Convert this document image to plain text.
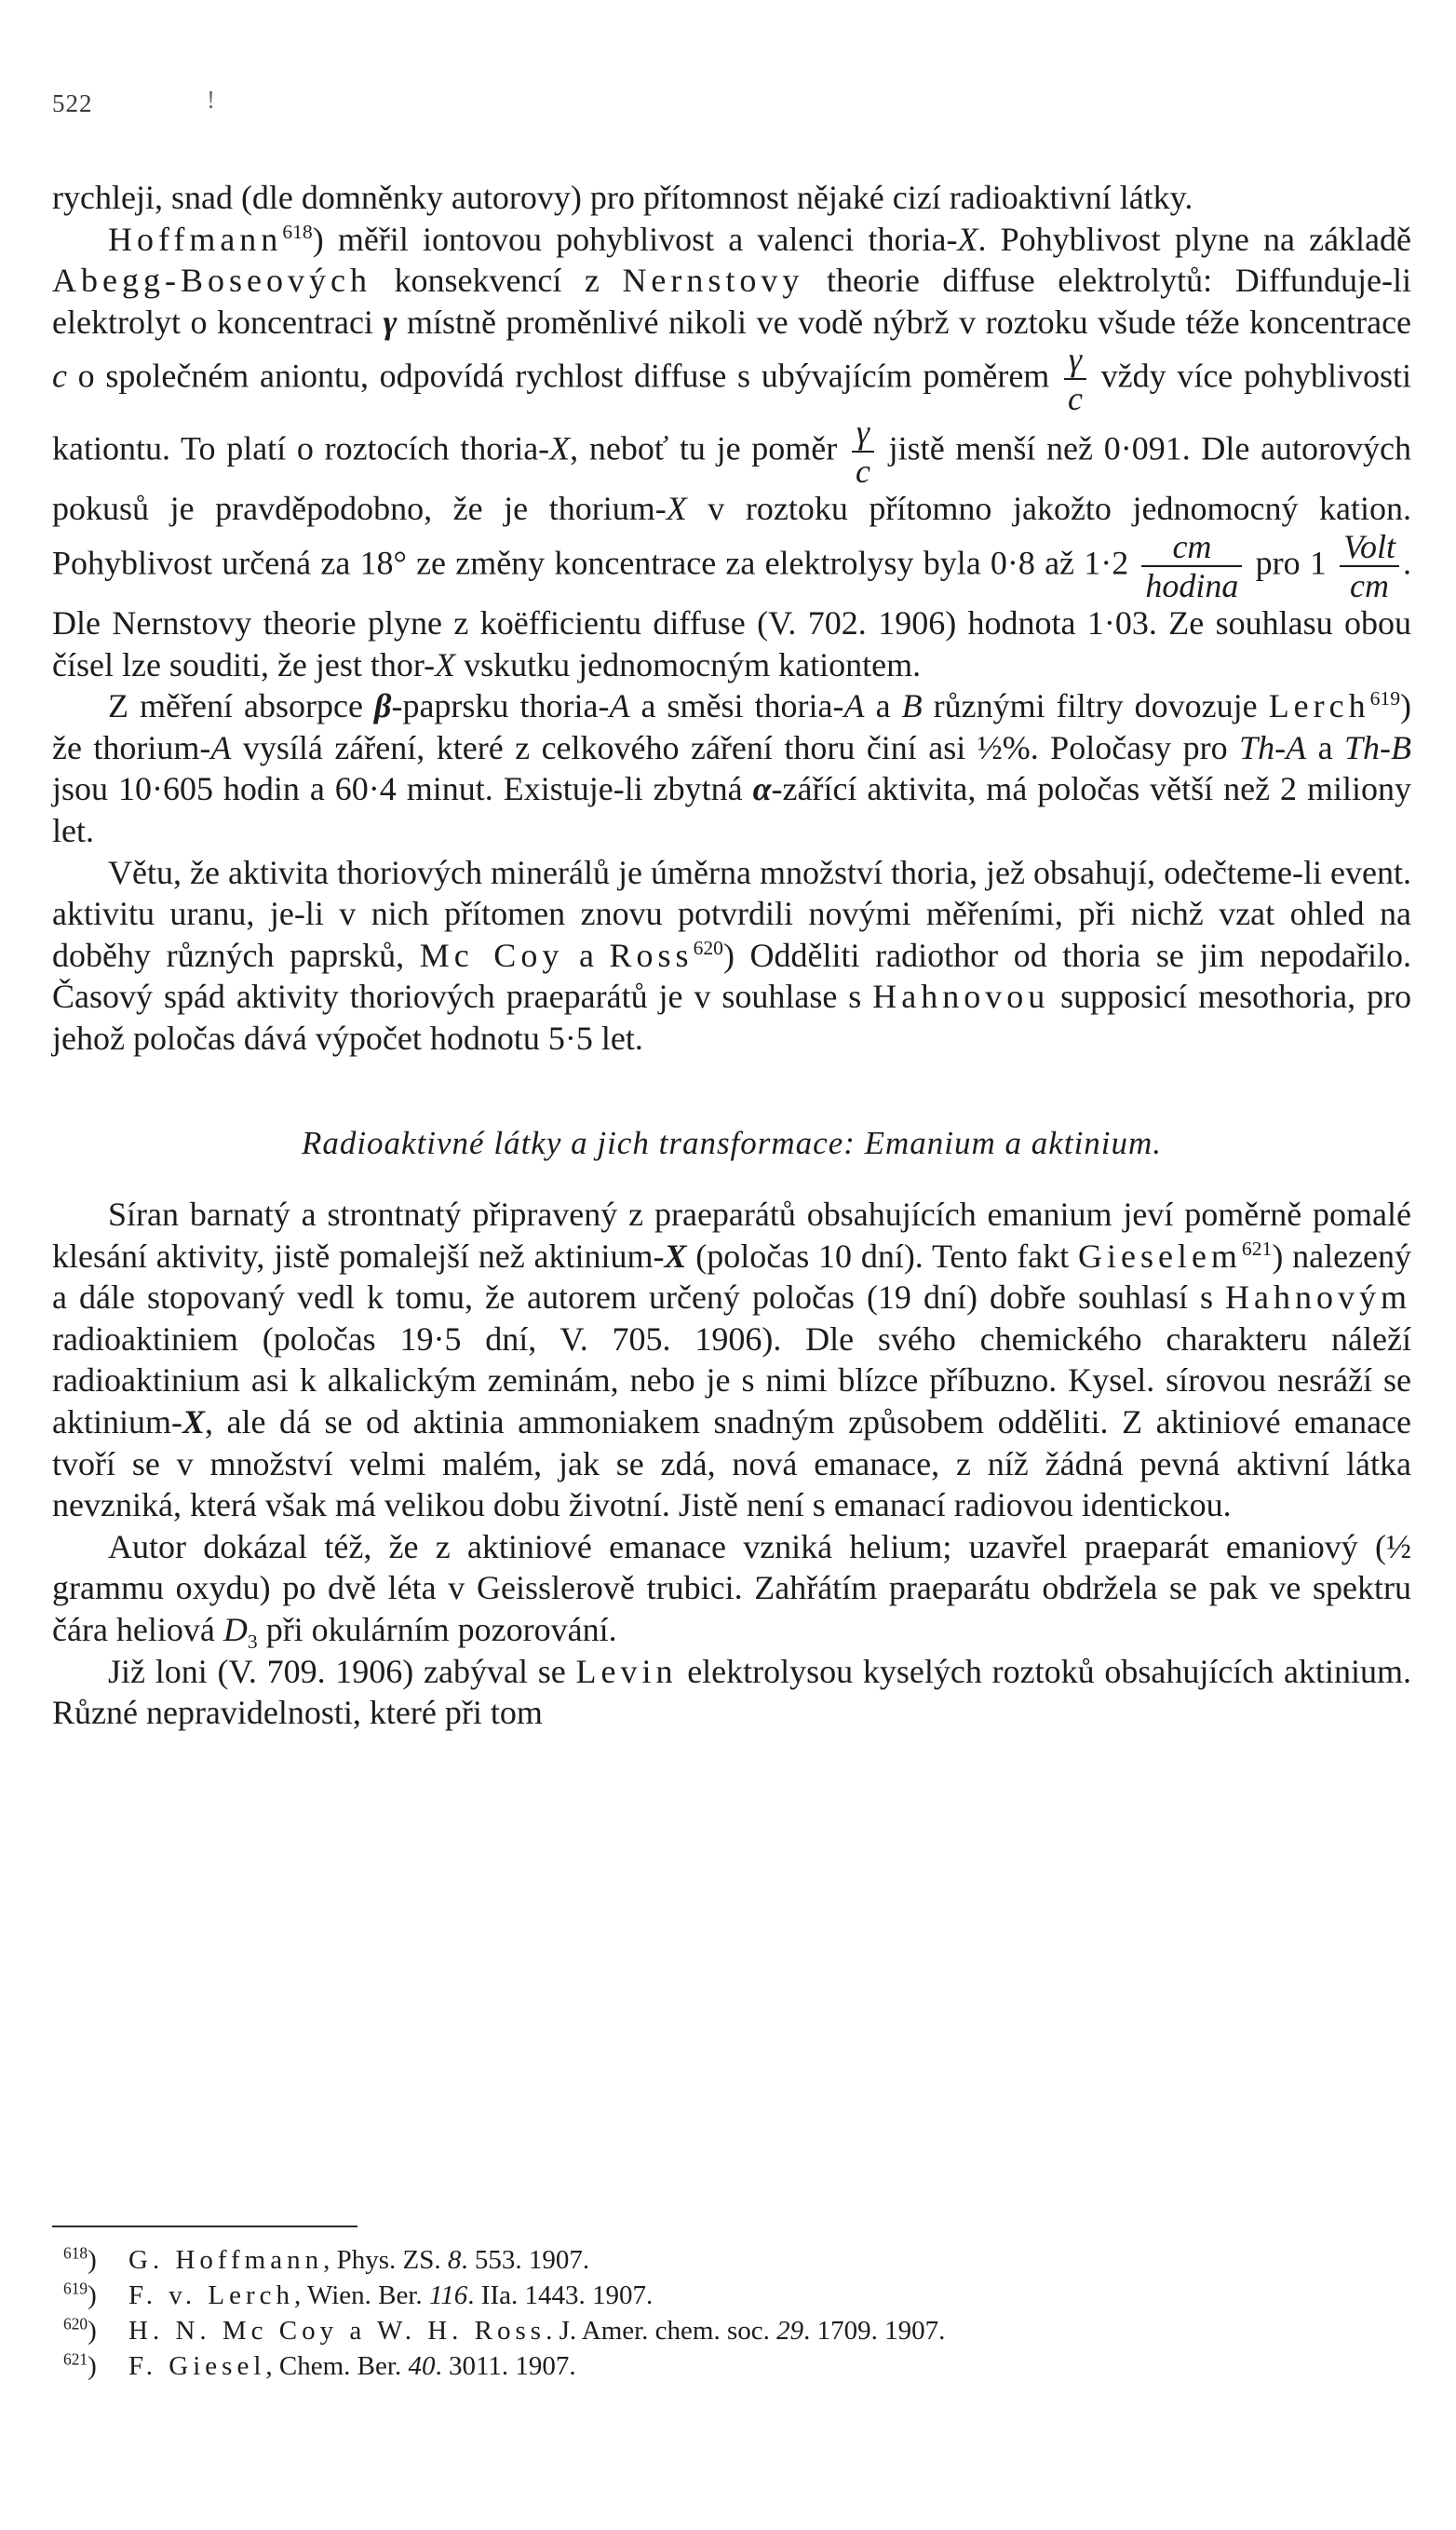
522	!

rychleji, snad (dle domněnky autorovy) pro přítomnost nějaké cizí radioaktivní látky.

Hoffmann$^{618}$) měřil iontovou pohyblivost a valenci thoria-X. Pohyblivost plyne na základě Abegg-Boseových konsekvencí z Nernstovy theorie diffuse elektrolytů: Diffunduje-li elektrolyt o koncentraci γ místně proměnlivé nikoli ve vodě nýbrž v roztoku všude téže koncentrace c o společném aniontu, odpovídá rychlost diffuse s ubývajícím poměrem $\frac{\gamma}{c}$ vždy více pohyblivosti kationtu. To platí o roztocích thoria-X, neboť tu je poměr $\frac{\gamma}{c}$ jistě menší než 0·091. Dle autorových pokusů je pravděpodobno, že je thorium-X v roztoku přítomno jakožto jednomocný kation. Pohyblivost určená za 18° ze změny koncentrace za elektrolysy byla 0·8 až $1\cdot 2 \frac{cm}{\text{hodina}}$ pro $1 \frac{\text{Volt}}{cm}$ . Dle Nernstovy theorie plyne z koëfficientu diffuse (V. 702. 1906) hodnota 1·03. Ze souhlasu obou čísel lze souditi, že jest thor-X vskutku jednomocným kationtem.

Z měření absorpce β-paprsku thoria-A a směsi thoria-A a B různými filtry dovozuje Lerch$^{619}$) že thorium-A vysílá záření, které z celkového záření thoru činí asi ½%. Poločasy pro Th-A a Th-B jsou 10·605 hodin a 60·4 minut. Existuje-li zbytná α-zářící aktivita, má poločas větší než 2 miliony let.

Větu, že aktivita thoriových minerálů je úměrna množství thoria, jež obsahují, odečteme-li event. aktivitu uranu, je-li v nich přítomen znovu potvrdili novými měřeními, při nichž vzat ohled na doběhy různých paprsků, Mc Coy a Ross$^{620}$) Odděliti radiothor od thoria se jim nepodařilo. Časový spád aktivity thoriových praeparátů je v souhlase s Hahnovou supposicí mesothoria, pro jehož poločas dává výpočet hodnotu 5·5 let.

Radioaktivné látky a jich transformace: Emanium a aktinium.

Síran barnatý a strontnatý připravený z praeparátů obsahujících emanium jeví poměrně pomalé klesání aktivity, jistě pomalejší než aktinium-X (poločas 10 dní). Tento fakt Gieselem$^{621}$) nalezený a dále stopovaný vedl k tomu, že autorem určený poločas (19 dní) dobře souhlasí s Hahnovým radioaktiniem (poločas 19·5 dní, V. 705. 1906). Dle svého chemického charakteru náleží radioaktinium asi k alkalickým zeminám, nebo je s nimi blízce příbuzno. Kysel. sírovou nesráží se aktinium-X, ale dá se od aktinia ammoniakem snadným způsobem odděliti. Z aktiniové emanace tvoří se v množství velmi malém, jak se zdá, nová emanace, z níž žádná pevná aktivní látka nevzniká, která však má velikou dobu životní. Jistě není s emanací radiovou identickou.

Autor dokázal též, že z aktiniové emanace vzniká helium; uzavřel praeparát emaniový (½ grammu oxydu) po dvě léta v Geisslerově trubici. Zahřátím praeparátu obdržela se pak ve spektru čára heliová $D_3$ při okulárním pozorování.

Již loni (V. 709. 1906) zabýval se Levin elektrolysou kyselých roztoků obsahujících aktinium. Různé nepravidelnosti, které při tom

$^{618}$) G. Hoffmann, Phys. ZS. 8. 553. 1907.
$^{619}$) F. v. Lerch, Wien. Ber. 116. IIa. 1443. 1907.
$^{620}$) H. N. Mc Coy a W. H. Ross. J. Amer. chem. soc. 29. 1709. 1907.
$^{621}$) F. Giesel, Chem. Ber. 40. 3011. 1907.
